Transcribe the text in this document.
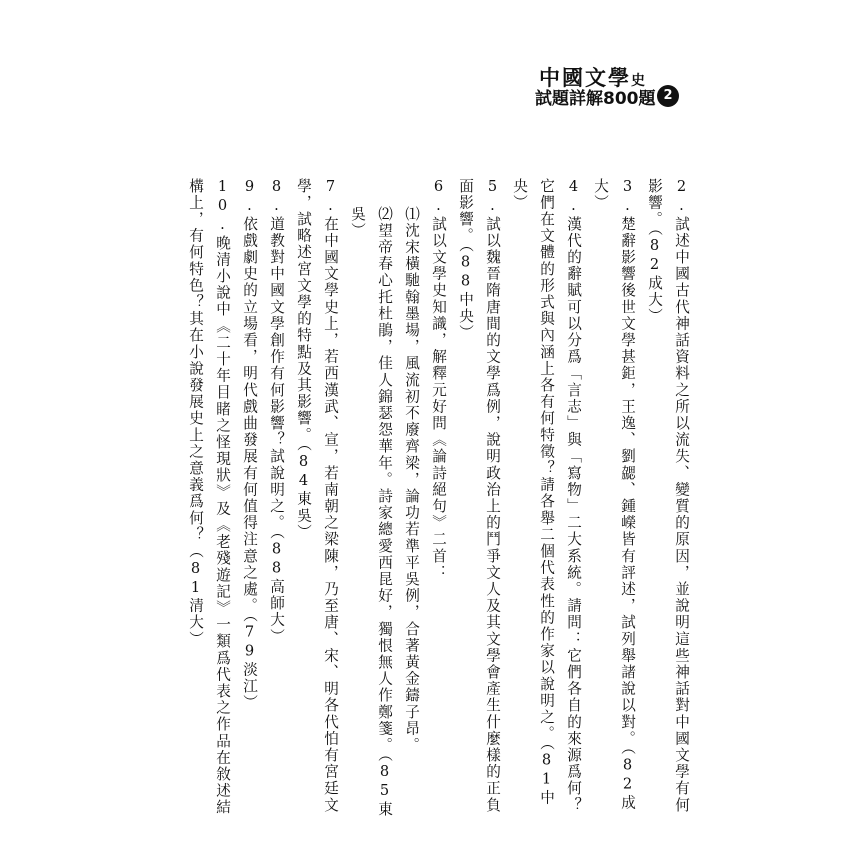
中國文學史
試題詳解800題 2

2.試述中國古代神話資料之所以流失、變質的原因，並說明這些神話對中國文學有何影響。（82成大）

3.楚辭影響後世文學甚鉅，王逸、劉勰、鍾嶸皆有評述，試列舉諸說以對。（82成大）

4.漢代的辭賦可以分爲「言志」與「寫物」二大系統。請問：它們各自的來源爲何？它們在文體的形式與內涵上各有何特徵？請各舉二個代表性的作家以說明之。（81中央）

5.試以魏晉隋唐間的文學爲例，說明政治上的鬥爭文人及其文學會產生什麼樣的正負面影響。（88中央）

6.試以文學史知識，解釋元好問《論詩絕句》二首：

⑴沈宋橫馳翰墨場，風流初不廢齊梁，論功若準平吳例，合著黃金鑄子昂。

⑵望帝春心托杜鵑，佳人錦瑟怨華年。詩家總愛西昆好，獨恨無人作鄭箋。（85東吳）

7.在中國文學史上，若西漢武、宣，若南朝之梁陳，乃至唐、宋、明各代怕有宮廷文學，試略述宮文學的特點及其影響。（84東吳）

8.道教對中國文學創作有何影響？試說明之。（88高師大）

9.依戲劇史的立場看，明代戲曲發展有何值得注意之處。（79淡江）

10.晚清小說中《二十年目睹之怪現狀》及《老殘遊記》一類爲代表之作品在敘述結構上，有何特色？其在小說發展史上之意義爲何？（81清大）
